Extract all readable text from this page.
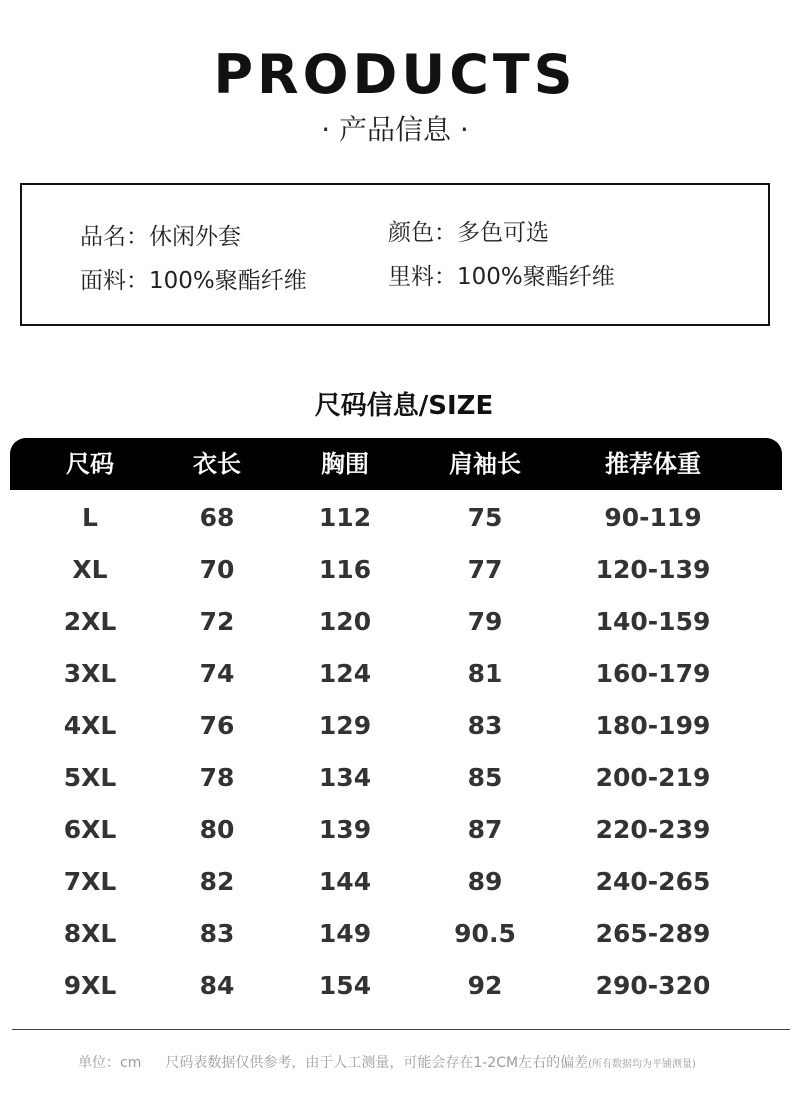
PRODUCTS
· 产品信息 ·
品名：休闲外套	颜色：多色可选
面料：100%聚酯纤维	里料：100%聚酯纤维
尺码信息/SIZE
尺码	衣长	胸围	肩袖长	推荐体重
L	68	112	75	90-119
XL	70	116	77	120-139
2XL	72	120	79	140-159
3XL	74	124	81	160-179
4XL	76	129	83	180-199
5XL	78	134	85	200-219
6XL	80	139	87	220-239
7XL	82	144	89	240-265
8XL	83	149	90.5	265-289
9XL	84	154	92	290-320
单位：cm 尺码表数据仅供参考，由于人工测量，可能会存在1-2CM左右的偏差(所有数据均为平铺测量)
